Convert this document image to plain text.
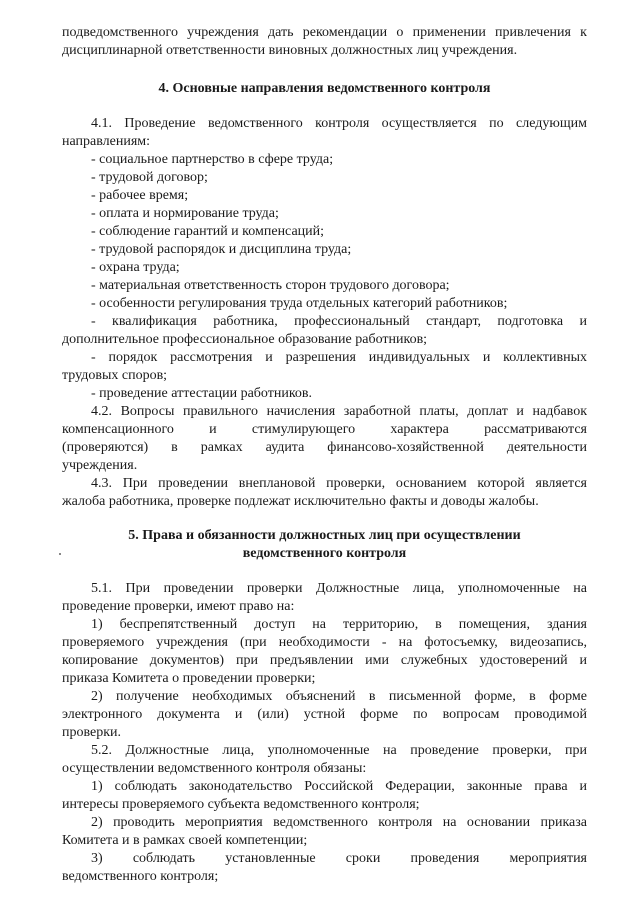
подведомственного учреждения дать рекомендации о применении привлечения к
дисциплинарной ответственности виновных должностных лиц учреждения.
4. Основные направления ведомственного контроля
4.1. Проведение ведомственного контроля осуществляется по следующим
направлениям:
- социальное партнерство в сфере труда;
- трудовой договор;
- рабочее время;
- оплата и нормирование труда;
- соблюдение гарантий и компенсаций;
- трудовой распорядок и дисциплина труда;
- охрана труда;
- материальная ответственность сторон трудового договора;
- особенности регулирования труда отдельных категорий работников;
- квалификация работника, профессиональный стандарт, подготовка и
дополнительное профессиональное образование работников;
- порядок рассмотрения и разрешения индивидуальных и коллективных
трудовых споров;
- проведение аттестации работников.
4.2. Вопросы правильного начисления заработной платы, доплат и надбавок
компенсационного и стимулирующего характера рассматриваются
(проверяются) в рамках аудита финансово-хозяйственной деятельности
учреждения.
4.3. При проведении внеплановой проверки, основанием которой является
жалоба работника, проверке подлежат исключительно факты и доводы жалобы.
5. Права и обязанности должностных лиц при осуществлении
ведомственного контроля
5.1. При проведении проверки Должностные лица, уполномоченные на
проведение проверки, имеют право на:
1) беспрепятственный доступ на территорию, в помещения, здания
проверяемого учреждения (при необходимости - на фотосъемку, видеозапись,
копирование документов) при предъявлении ими служебных удостоверений и
приказа Комитета о проведении проверки;
2) получение необходимых объяснений в письменной форме, в форме
электронного документа и (или) устной форме по вопросам проводимой
проверки.
5.2. Должностные лица, уполномоченные на проведение проверки, при
осуществлении ведомственного контроля обязаны:
1) соблюдать законодательство Российской Федерации, законные права и
интересы проверяемого субъекта ведомственного контроля;
2) проводить мероприятия ведомственного контроля на основании приказа
Комитета и в рамках своей компетенции;
3) соблюдать установленные сроки проведения мероприятия
ведомственного контроля;
